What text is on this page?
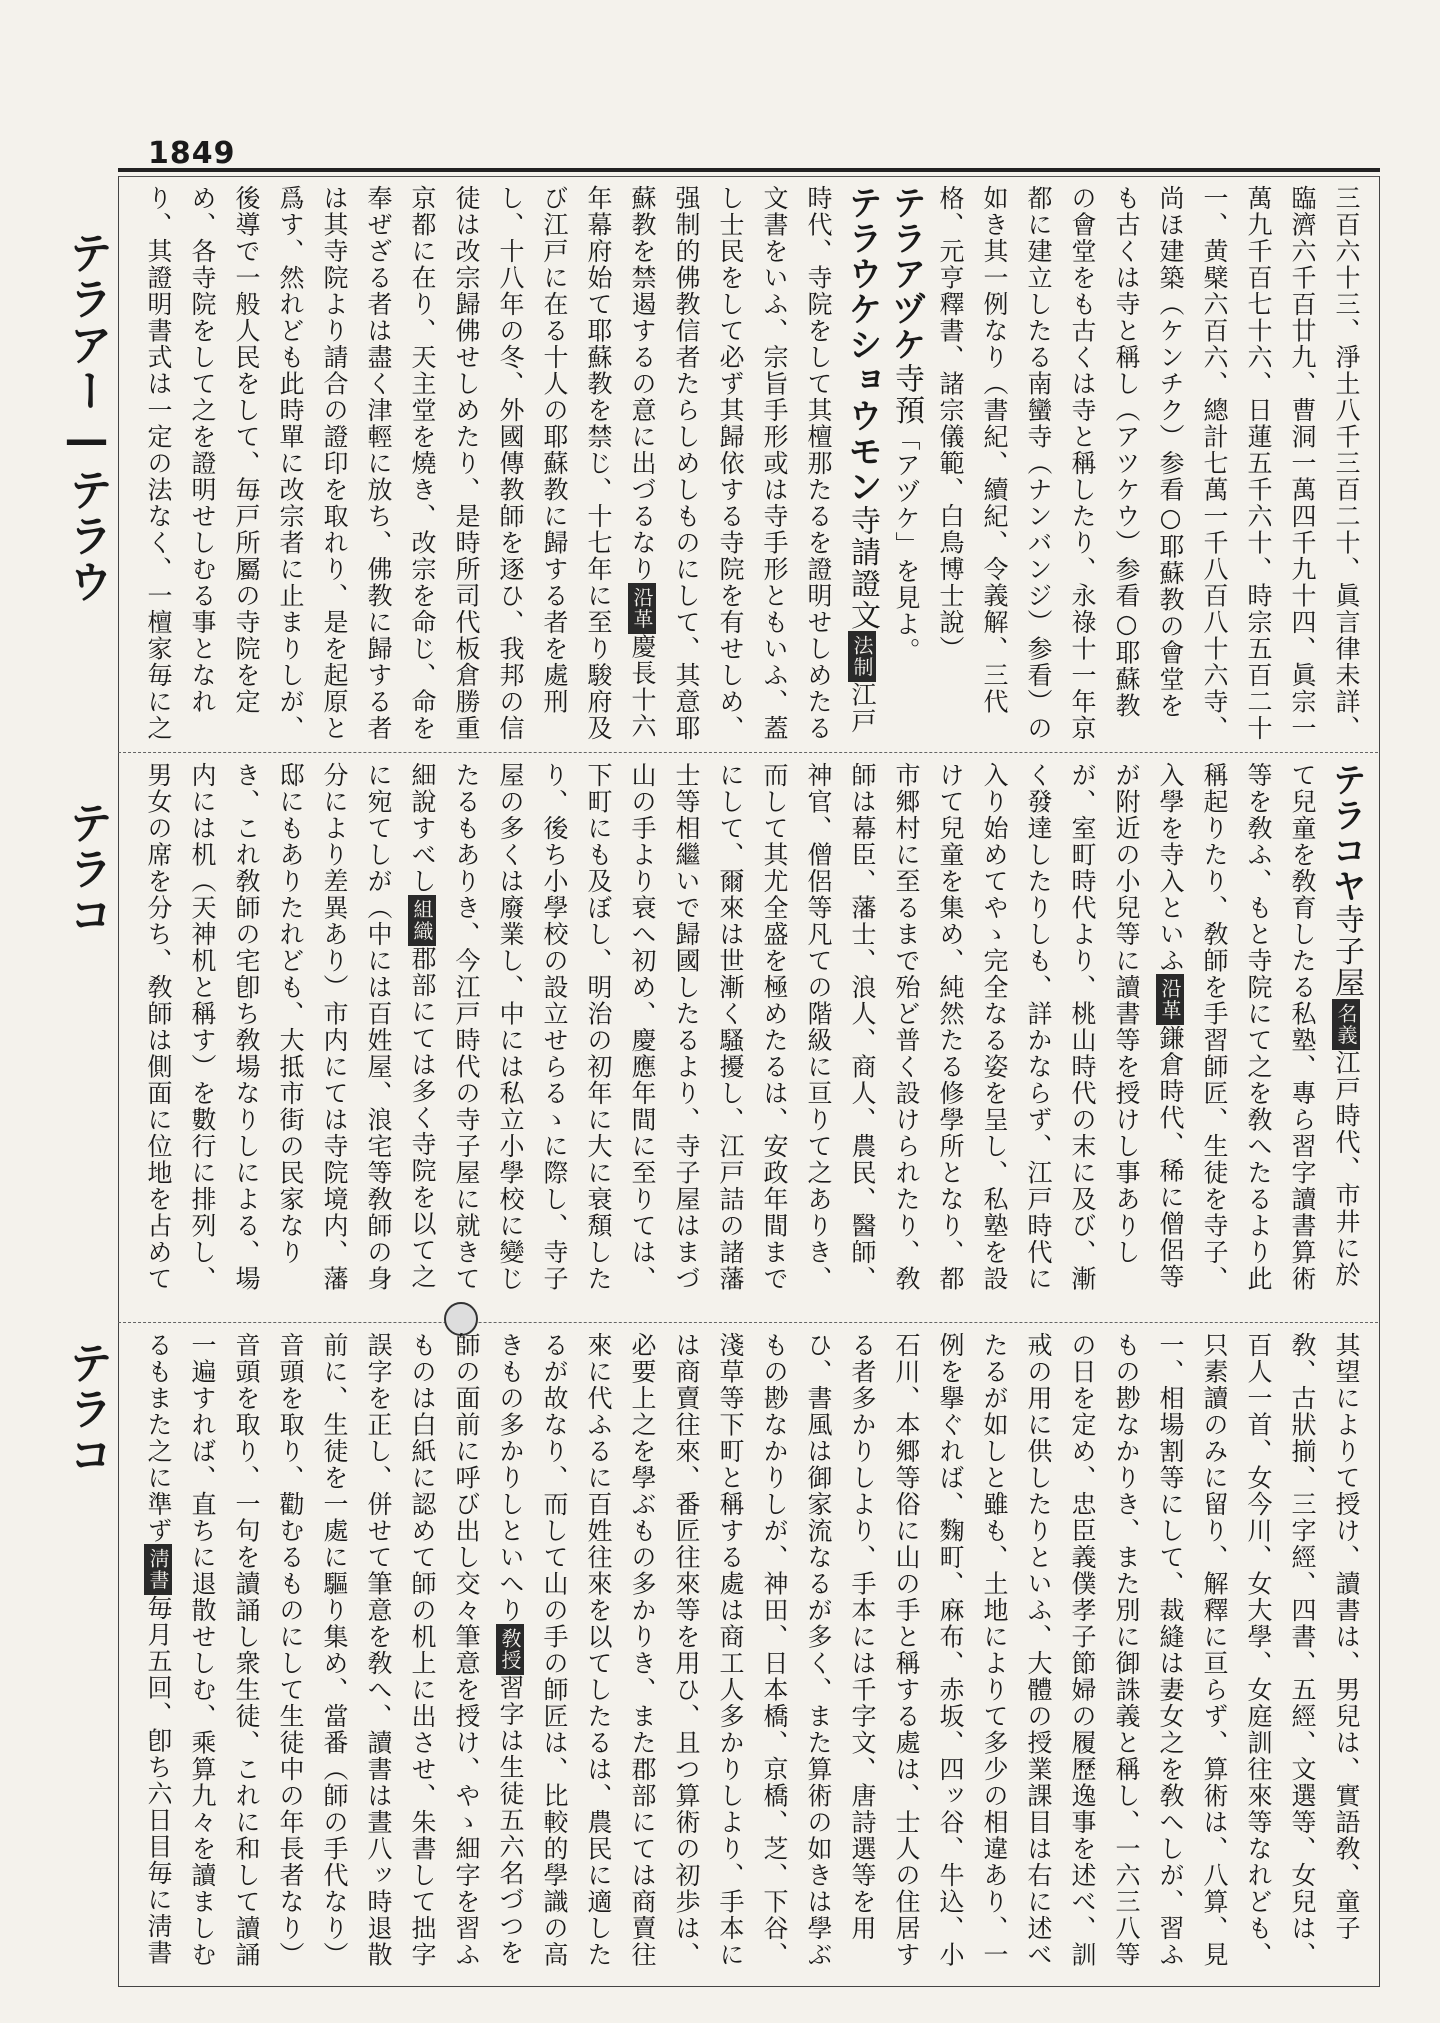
1849
テラアー—テラウ
テラコ
テラコ

三百六十三、淨土八千三百二十、眞言律未詳、臨濟六千百廿九、曹洞一萬四千九十四、眞宗一萬九千百七十六、日蓮五千六十、時宗五百二十一、黄檗六百六、總計七萬一千八百八十六寺、尚ほ建築（ケンチク）参看○耶蘇教の會堂をも古くは寺と稱し（アツケウ）参看○耶蘇教の會堂をも古くは寺と稱したり、永祿十一年京都に建立したる南蠻寺（ナンバンジ）参看）の如き其一例なり（書紀、續紀、令義解、三代格、元亨釋書、諸宗儀範、白鳥博士說）

テラアヅケ寺預「アヅケ」を見よ。

テラウケショウモン寺請證文法制江戸時代、寺院をして其檀那たるを證明せしめたる文書をいふ、宗旨手形或は寺手形ともいふ、蓋し士民をして必ず其歸依する寺院を有せしめ、强制的佛教信者たらしめしものにして、其意耶蘇教を禁遏するの意に出づるなり沿革慶長十六年幕府始て耶蘇教を禁じ、十七年に至り駿府及び江戸に在る十人の耶蘇教に歸する者を處刑し、十八年の冬、外國傳教師を逐ひ、我邦の信徒は改宗歸佛せしめたり、是時所司代板倉勝重京都に在り、天主堂を燒き、改宗を命じ、命を奉ぜざる者は盡く津輕に放ち、佛教に歸する者は其寺院より請合の證印を取れり、是を起原と爲す、然れども此時單に改宗者に止まりしが、後導で一般人民をして、毎戸所屬の寺院を定め、各寺院をして之を證明せしむる事となれり、其證明書式は一定の法なく、一檀家毎に之

テラコヤ寺子屋名義江戸時代、市井に於て兒童を敎育したる私塾、專ら習字讀書算術等を敎ふ、もと寺院にて之を敎へたるより此稱起りたり、敎師を手習師匠、生徒を寺子、入學を寺入といふ沿革鎌倉時代、稀に僧侶等が附近の小兒等に讀書等を授けし事ありしが、室町時代より、桃山時代の末に及び、漸く發達したりしも、詳かならず、江戸時代に入り始めてやゝ完全なる姿を呈し、私塾を設けて兒童を集め、純然たる修學所となり、都市郷村に至るまで殆ど普く設けられたり、敎師は幕臣、藩士、浪人、商人、農民、醫師、神官、僧侶等凡ての階級に亘りて之ありき、而して其尤全盛を極めたるは、安政年間までにして、爾來は世漸く騷擾し、江戸詰の諸藩士等相繼いで歸國したるより、寺子屋はまづ山の手より衰へ初め、慶應年間に至りては、下町にも及ぼし、明治の初年に大に衰頽したり、後ち小學校の設立せらるゝに際し、寺子屋の多くは廢業し、中には私立小學校に變じたるもありき、今江戸時代の寺子屋に就きて細說すべし組織郡部にては多く寺院を以て之に宛てしが（中には百姓屋、浪宅等敎師の身分により差異あり）市内にては寺院境内、藩邸にもありたれども、大抵市街の民家なりき、これ敎師の宅卽ち敎場なりしによる、場内には机（天神机と稱す）を數行に排列し、男女の席を分ち、敎師は側面に位地を占めて

其望によりて授け、讀書は、男兒は、實語敎、童子敎、古狀揃、三字經、四書、五經、文選等、女兒は、百人一首、女今川、女大學、女庭訓往來等なれども、只素讀のみに留り、解釋に亘らず、算術は、八算、見一、相場割等にして、裁縫は妻女之を敎へしが、習ふもの尠なかりき、また別に御誅義と稱し、一六三八等の日を定め、忠臣義僕孝子節婦の履歷逸事を述べ、訓戒の用に供したりといふ、大體の授業課目は右に述べたるが如しと雖も、土地によりて多少の相違あり、一例を擧ぐれば、麴町、麻布、赤坂、四ッ谷、牛込、小石川、本郷等俗に山の手と稱する處は、士人の住居する者多かりしより、手本には千字文、唐詩選等を用ひ、書風は御家流なるが多く、また算術の如きは學ぶもの尠なかりしが、神田、日本橋、京橋、芝、下谷、淺草等下町と稱する處は商工人多かりしより、手本には商賣往來、番匠往來等を用ひ、且つ算術の初歩は、必要上之を學ぶもの多かりき、また郡部にては商賣往來に代ふるに百姓往來を以てしたるは、農民に適したるが故なり、而して山の手の師匠は、比較的學識の高きもの多かりしといへり敎授習字は生徒五六名づつを師の面前に呼び出し交々筆意を授け、やゝ細字を習ふものは白紙に認めて師の机上に出させ、朱書して拙字誤字を正し、併せて筆意を敎へ、讀書は晝八ッ時退散前に、生徒を一處に驅り集め、當番（師の手代なり）音頭を取り、勸むるものにして生徒中の年長者なり）音頭を取り、一句を讀誦し衆生徒、これに和して讀誦一遍すれば、直ちに退散せしむ、乘算九々を讀ましむるもまた之に準ず淸書毎月五回、卽ち六日目毎に淸書
